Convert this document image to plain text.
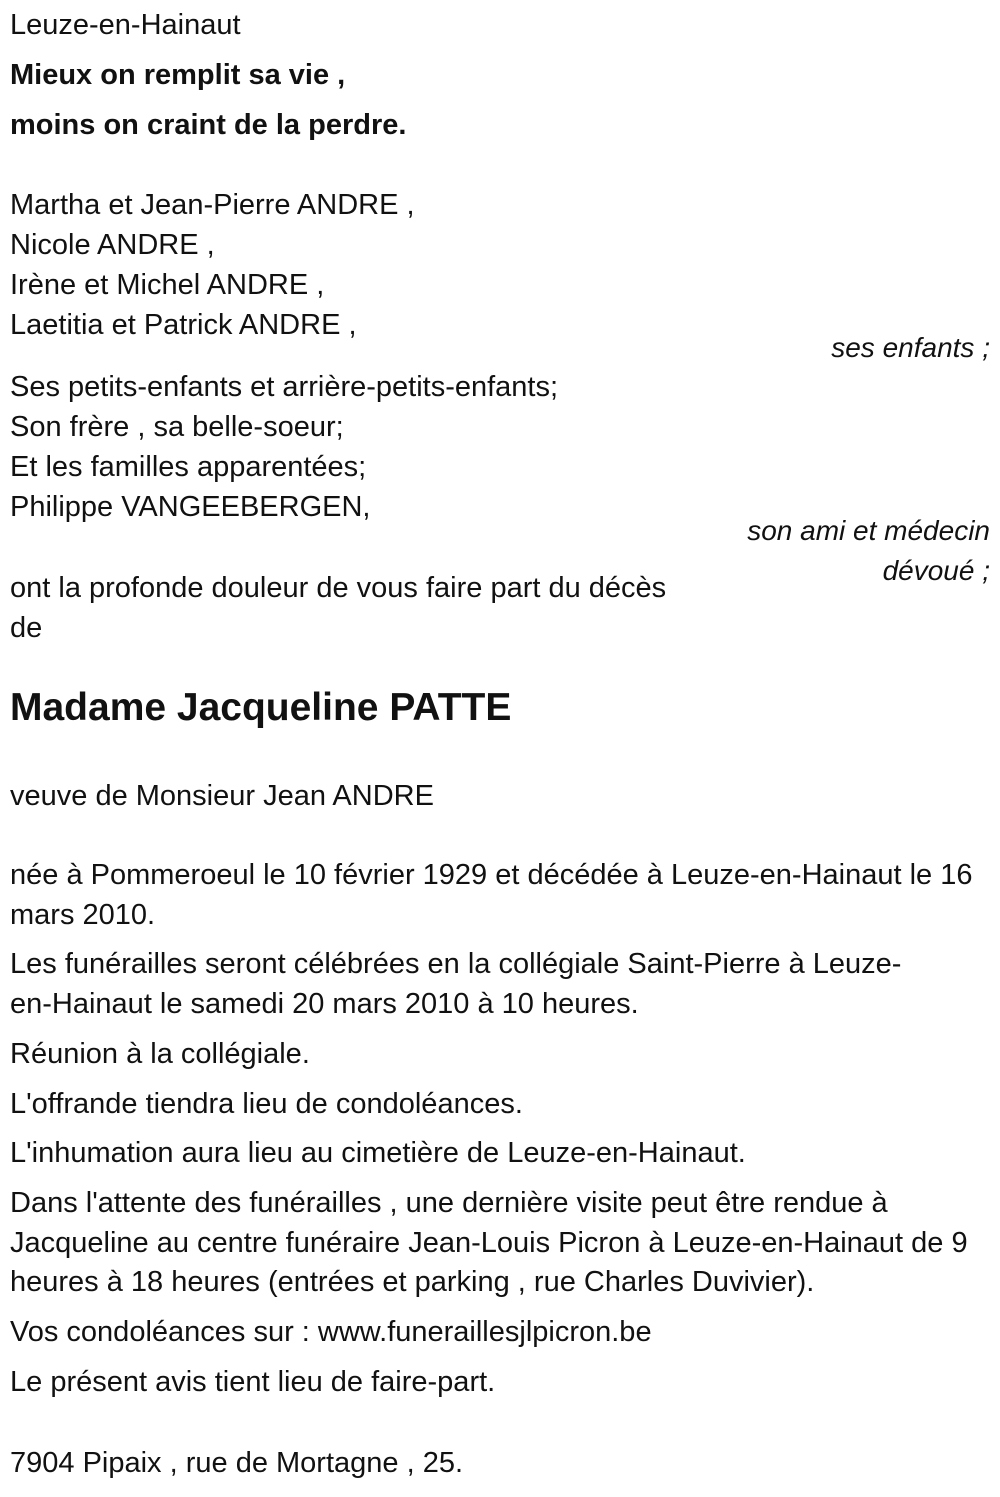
Leuze-en-Hainaut
Mieux on remplit sa vie ,
moins on craint de la perdre.
Martha et Jean-Pierre ANDRE ,
Nicole ANDRE ,
Irène et Michel ANDRE ,
Laetitia et Patrick ANDRE ,
ses enfants ;
Ses petits-enfants et arrière-petits-enfants;
Son frère , sa belle-soeur;
Et les familles apparentées;
Philippe VANGEEBERGEN,
son ami et médecin
dévoué ;
ont la profonde douleur de vous faire part du décès
de
Madame Jacqueline PATTE
veuve de Monsieur Jean ANDRE
née à Pommeroeul le 10 février 1929 et décédée à Leuze-en-Hainaut le 16
mars 2010.
Les funérailles seront célébrées en la collégiale Saint-Pierre à Leuze-
en-Hainaut le samedi 20 mars 2010 à 10 heures.
Réunion à la collégiale.
L'offrande tiendra lieu de condoléances.
L'inhumation aura lieu au cimetière de Leuze-en-Hainaut.
Dans l'attente des funérailles , une dernière visite peut être rendue à
Jacqueline au centre funéraire Jean-Louis Picron à Leuze-en-Hainaut de 9
heures à 18 heures (entrées et parking , rue Charles Duvivier).
Vos condoléances sur : www.funeraillesjlpicron.be
Le présent avis tient lieu de faire-part.
7904 Pipaix , rue de Mortagne , 25.
